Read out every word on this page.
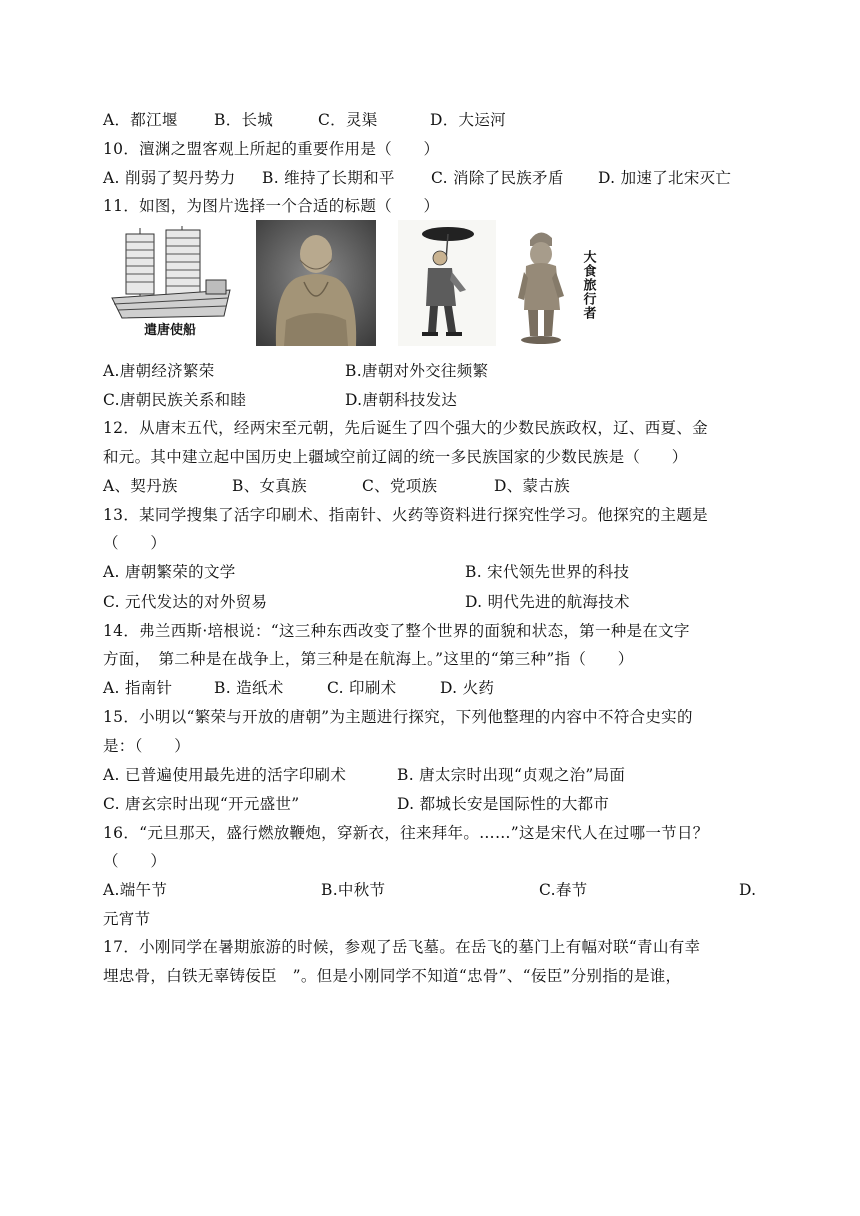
A．都江堰 B．长城	C．灵渠	D．大运河
10．澶渊之盟客观上所起的重要作用是（　　）
A. 削弱了契丹势力 B. 维持了长期和平 C. 消除了民族矛盾 D. 加速了北宋灭亡
11．如图，为图片选择一个合适的标题（　　）
遣唐使船
大食旅行者
A.唐朝经济繁荣	B.唐朝对外交往频繁
C.唐朝民族关系和睦	D.唐朝科技发达
12．从唐末五代，经两宋至元朝，先后诞生了四个强大的少数民族政权，辽、西夏、金
和元。其中建立起中国历史上疆域空前辽阔的统一多民族国家的少数民族是（　　）
A、契丹族	B、女真族	C、党项族	D、蒙古族
13．某同学搜集了活字印刷术、指南针、火药等资料进行探究性学习。他探究的主题是
（　　）
A. 唐朝繁荣的文学	B. 宋代领先世界的科技
C. 元代发达的对外贸易	D. 明代先进的航海技术
14．弗兰西斯·培根说：“这三种东西改变了整个世界的面貌和状态，第一种是在文字
方面，　第二种是在战争上，第三种是在航海上。”这里的“第三种”指（　　）
A. 指南针	B. 造纸术	C. 印刷术	D. 火药
15．小明以“繁荣与开放的唐朝”为主题进行探究，下列他整理的内容中不符合史实的
是：（　　）
A. 已普遍使用最先进的活字印刷术	B. 唐太宗时出现“贞观之治”局面
C. 唐玄宗时出现“开元盛世”	D. 都城长安是国际性的大都市
16．“元旦那天，盛行燃放鞭炮，穿新衣，往来拜年。……”这是宋代人在过哪一节日？
（　　）
A.端午节	B.中秋节	C.春节	D.
元宵节
17．小刚同学在暑期旅游的时候，参观了岳飞墓。在岳飞的墓门上有幅对联“青山有幸
埋忠骨，白铁无辜铸佞臣　”。但是小刚同学不知道“忠骨”、“佞臣”分别指的是谁，
